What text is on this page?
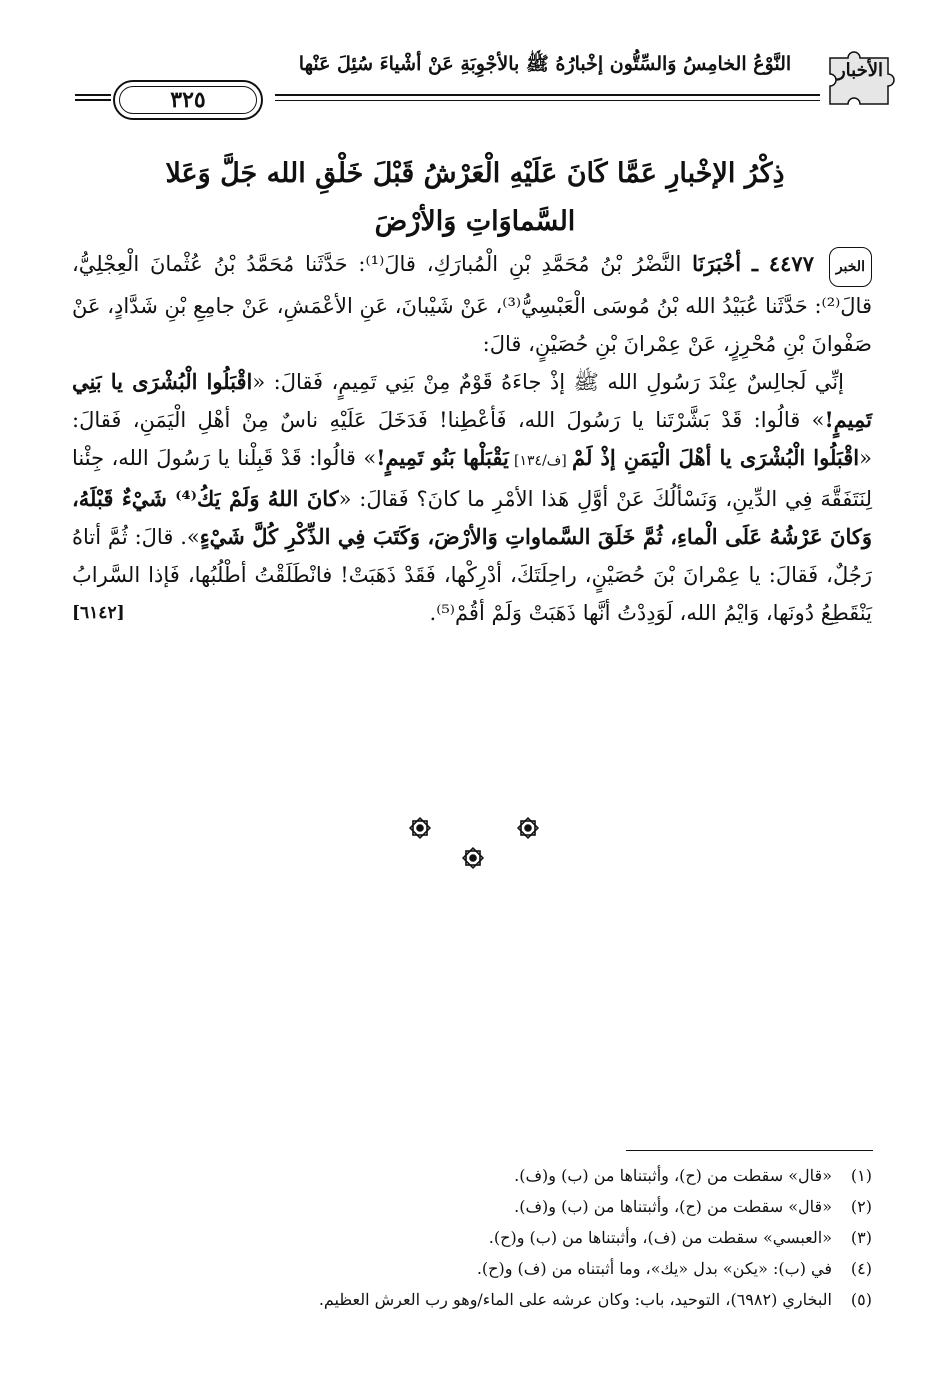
٣٢٥
النَّوْعُ الخامِسُ وَالسِّتُّون إخْبارُهُ ﷺ بالأجْوِبَةِ عَنْ أشْياءَ سُئِلَ عَنْها	الأخبار
ذِكْرُ الإخْبارِ عَمَّا كَانَ عَلَيْهِ الْعَرْشُ قَبْلَ خَلْقِ الله جَلَّ وَعَلا السَّماوَاتِ وَالأرْضَ

الخبر ٤٤٧٧ ـ أخْبَرَنَا النَّضْرُ بْنُ مُحَمَّدِ بْنِ الْمُبارَكِ، قالَ⁽¹⁾: حَدَّثَنا مُحَمَّدُ بْنُ عُثْمانَ الْعِجْلِيُّ، قالَ⁽²⁾: حَدَّثَنا عُبَيْدُ الله بْنُ مُوسَى الْعَبْسِيُّ⁽³⁾، عَنْ شَيْبانَ، عَنِ الأعْمَشِ، عَنْ جامِعِ بْنِ شَدَّادٍ، عَنْ صَفْوانَ بْنِ مُحْرِزٍ، عَنْ عِمْرانَ بْنِ حُصَيْنٍ، قالَ:

إنِّي لَجالِسٌ عِنْدَ رَسُولِ الله ﷺ إذْ جاءَهُ قَوْمٌ مِنْ بَنِي تَمِيمٍ، فَقالَ: «اقْبَلُوا الْبُشْرَى يا بَنِي تَمِيمٍ!» قالُوا: قَدْ بَشَّرْتَنا يا رَسُولَ الله، فَأعْطِنا! فَدَخَلَ عَلَيْهِ ناسٌ مِنْ أهْلِ الْيَمَنِ، فَقالَ: «اقْبَلُوا الْبُشْرَى يا أهْلَ الْيَمَنِ إذْ لَمْ [ف/١٣٤] يَقْبَلْها بَنُو تَمِيمٍ!» قالُوا: قَدْ قَبِلْنا يا رَسُولَ الله، جِئْنا لِنَتَفَقَّهَ فِي الدِّينِ، وَنَسْألُكَ عَنْ أوَّلِ هَذا الأمْرِ ما كانَ؟ فَقالَ: «كانَ اللهُ وَلَمْ يَكُ⁽⁴⁾ شَيْءٌ قَبْلَهُ، وَكانَ عَرْشُهُ عَلَى الْماءِ، ثُمَّ خَلَقَ السَّماواتِ وَالأرْضَ، وَكَتَبَ فِي الذِّكْرِ كُلَّ شَيْءٍ». قالَ: ثُمَّ أتاهُ رَجُلٌ، فَقالَ: يا عِمْرانَ بْنَ حُصَيْنٍ، راحِلَتَكَ، أدْرِكْها، فَقَدْ ذَهَبَتْ! فانْطَلَقْتُ أطْلُبُها، فَإذا السَّرابُ يَنْقَطِعُ دُونَها، وَايْمُ الله، لَوَدِدْتُ أنَّها ذَهَبَتْ وَلَمْ أقُمْ⁽⁵⁾.
[٦١٤٢]

(١)
«قال» سقطت من (ح)، وأثبتناها من (ب) و(ف).
(٢)
«قال» سقطت من (ح)، وأثبتناها من (ب) و(ف).
(٣)
«العبسي» سقطت من (ف)، وأثبتناها من (ب) و(ح).
(٤)
في (ب): «يكن» بدل «يك»، وما أثبتناه من (ف) و(ح).
(٥)
البخاري (٦٩٨٢)، التوحيد، باب: وكان عرشه على الماء/وهو رب العرش العظيم.
